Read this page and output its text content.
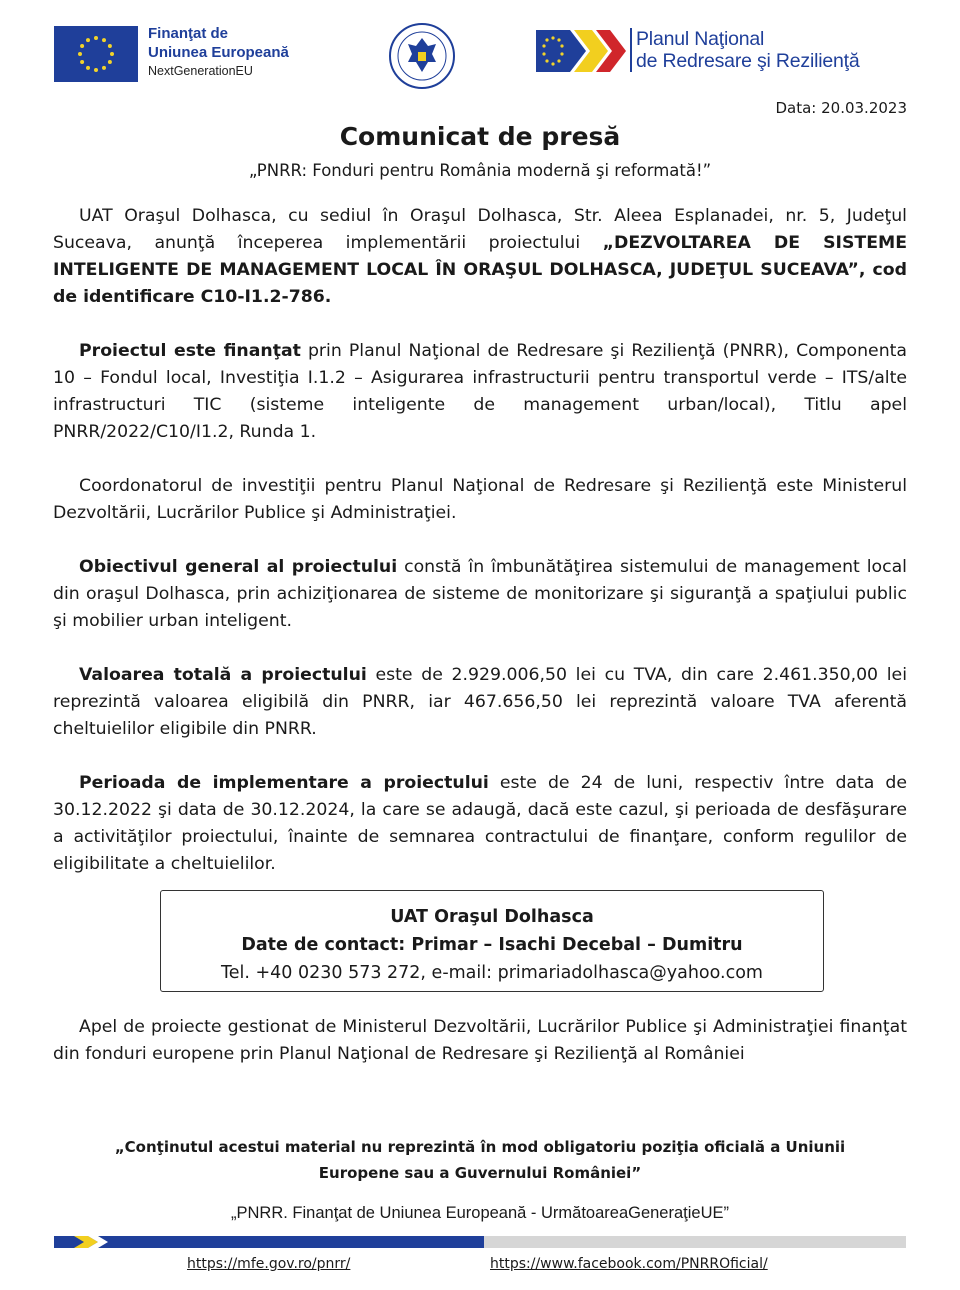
Finanţat de
Uniunea Europeană
NextGenerationEU
Planul Naţional
de Redresare şi Rezilienţă
Data: 20.03.2023
Comunicat de presă
„PNRR: Fonduri pentru România modernă şi reformată!”

UAT Oraşul Dolhasca, cu sediul în Oraşul Dolhasca, Str. Aleea Esplanadei, nr. 5, Judeţul Suceava, anunţă începerea implementării proiectului „DEZVOLTAREA DE SISTEME INTELIGENTE DE MANAGEMENT LOCAL ÎN ORAŞUL DOLHASCA, JUDEŢUL SUCEAVA”, cod de identificare C10-I1.2-786.

Proiectul este finanţat prin Planul Naţional de Redresare şi Rezilienţă (PNRR), Componenta 10 – Fondul local, Investiţia I.1.2 – Asigurarea infrastructurii pentru transportul verde – ITS/alte infrastructuri TIC (sisteme inteligente de management urban/local), Titlu apel PNRR/2022/C10/I1.2, Runda 1.

Coordonatorul de investiţii pentru Planul Naţional de Redresare şi Rezilienţă este Ministerul Dezvoltării, Lucrărilor Publice şi Administraţiei.

Obiectivul general al proiectului constă în îmbunătăţirea sistemului de management local din oraşul Dolhasca, prin achiziţionarea de sisteme de monitorizare şi siguranţă a spaţiului public şi mobilier urban inteligent.

Valoarea totală a proiectului este de 2.929.006,50 lei cu TVA, din care 2.461.350,00 lei reprezintă valoarea eligibilă din PNRR, iar 467.656,50 lei reprezintă valoare TVA aferentă cheltuielilor eligibile din PNRR.

Perioada de implementare a proiectului este de 24 de luni, respectiv între data de 30.12.2022 şi data de 30.12.2024, la care se adaugă, dacă este cazul, şi perioada de desfăşurare a activităţilor proiectului, înainte de semnarea contractului de finanţare, conform regulilor de eligibilitate a cheltuielilor.

UAT Oraşul Dolhasca
Date de contact: Primar – Isachi Decebal – Dumitru
Tel. +40 0230 573 272, e-mail: primariadolhasca@yahoo.com
Apel de proiecte gestionat de Ministerul Dezvoltării, Lucrărilor Publice şi Administraţiei finanţat din fonduri europene prin Planul Naţional de Redresare şi Rezilienţă al României
„Conţinutul acestui material nu reprezintă în mod obligatoriu poziţia oficială a Uniunii
Europene sau a Guvernului României”
„PNRR. Finanţat de Uniunea Europeană - UrmătoareaGeneraţieUE”
https://mfe.gov.ro/pnrr/	https://www.facebook.com/PNRROficial/
